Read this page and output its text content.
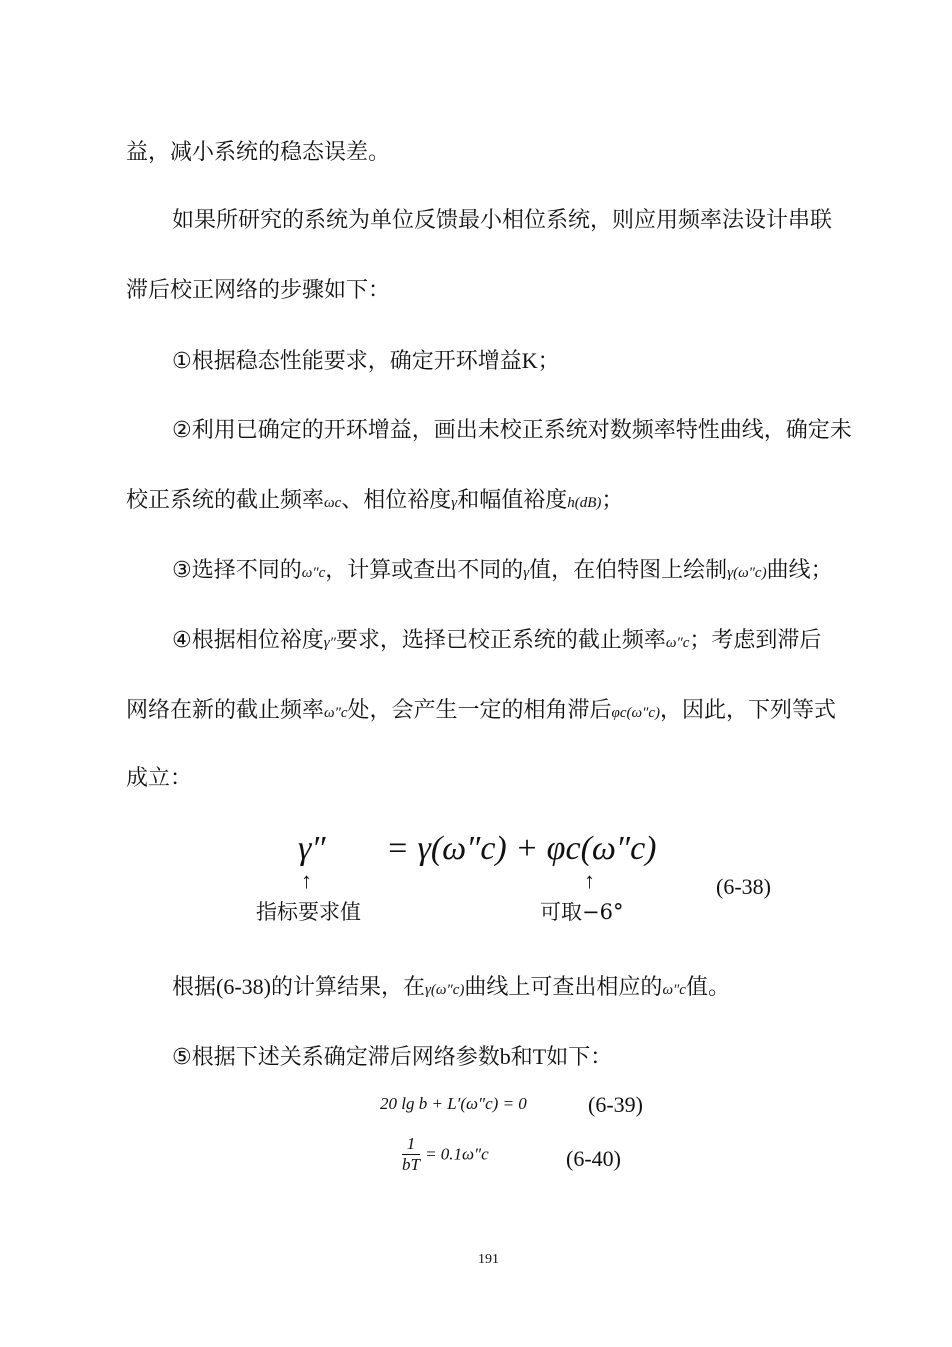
益，减小系统的稳态误差。
如果所研究的系统为单位反馈最小相位系统，则应用频率法设计串联
滞后校正网络的步骤如下：
①根据稳态性能要求，确定开环增益K；
②利用已确定的开环增益，画出未校正系统对数频率特性曲线，确定未
校正系统的截止频率ωc、相位裕度γ和幅值裕度h(dB)；
③选择不同的ω″c，计算或查出不同的γ值，在伯特图上绘制γ(ω″c)曲线；
④根据相位裕度γ″要求，选择已校正系统的截止频率ω″c；考虑到滞后
网络在新的截止频率ω″c处，会产生一定的相角滞后φc(ω″c)，因此，下列等式
成立：
γ″ = γ(ω″c) + φc(ω″c)
↑	↑
指标要求值	可取−6°
(6-38)
根据(6-38)的计算结果，在γ(ω″c)曲线上可查出相应的ω″c值。
⑤根据下述关系确定滞后网络参数b和T如下：
20 lg b + L′(ω″c) = 0	(6-39)
$\frac{1}{bT} = 0.1\omega''c$	(6-40)
191
